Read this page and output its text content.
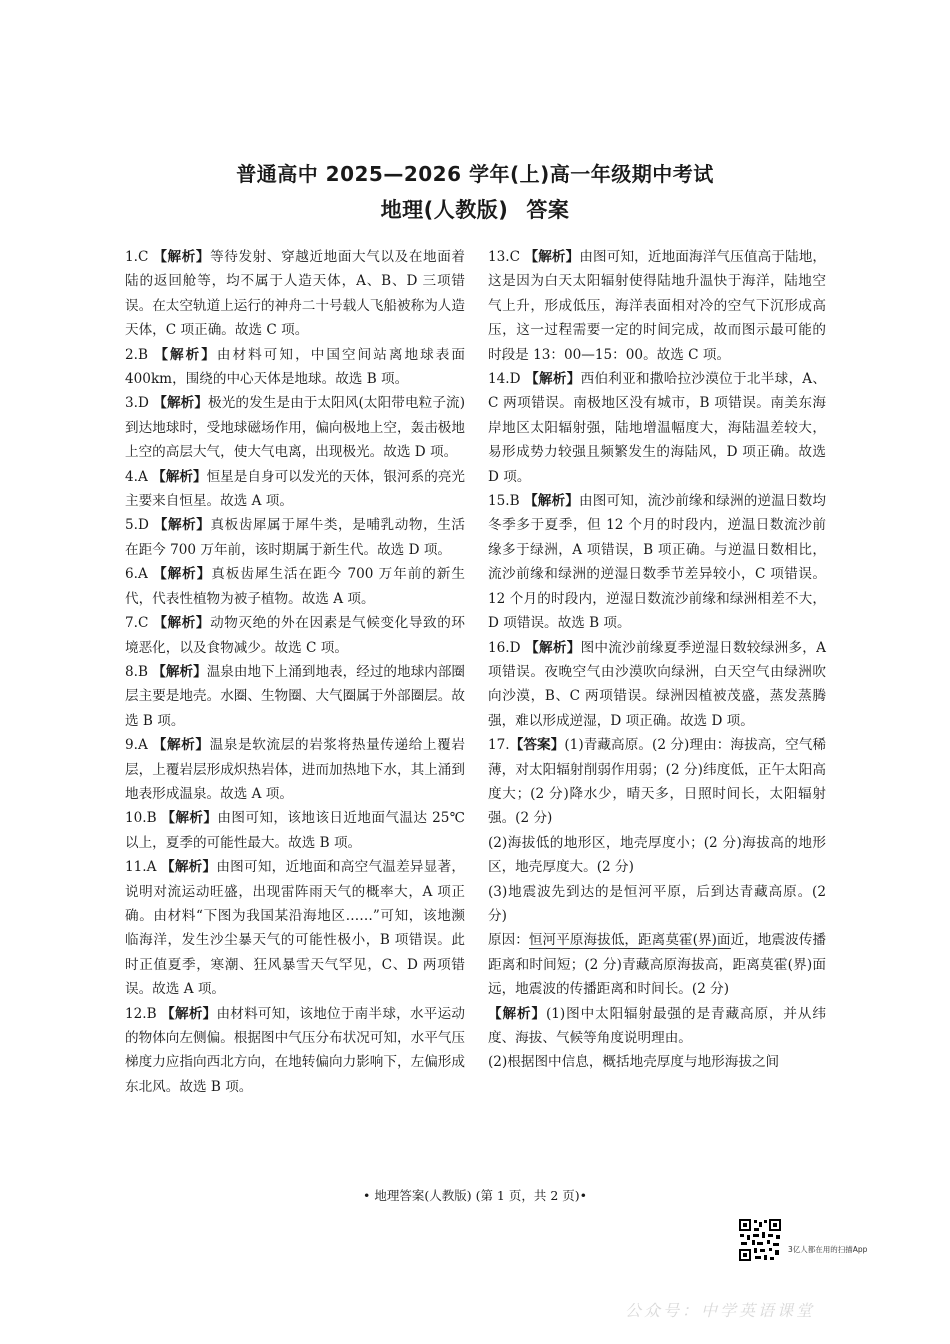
普通高中 2025—2026 学年(上)高一年级期中考试
地理(人教版) 答案

1.C 【解析】等待发射、穿越近地面大气以及在地面着陆的返回舱等，均不属于人造天体，A、B、D 三项错误。在太空轨道上运行的神舟二十号载人飞船被称为人造天体，C 项正确。故选 C 项。

2.B 【解析】由材料可知，中国空间站离地球表面 400km，围绕的中心天体是地球。故选 B 项。

3.D 【解析】极光的发生是由于太阳风(太阳带电粒子流)到达地球时，受地球磁场作用，偏向极地上空，轰击极地上空的高层大气，使大气电离，出现极光。故选 D 项。

4.A 【解析】恒星是自身可以发光的天体，银河系的亮光主要来自恒星。故选 A 项。

5.D 【解析】真板齿犀属于犀牛类，是哺乳动物，生活在距今 700 万年前，该时期属于新生代。故选 D 项。

6.A 【解析】真板齿犀生活在距今 700 万年前的新生代，代表性植物为被子植物。故选 A 项。

7.C 【解析】动物灭绝的外在因素是气候变化导致的环境恶化，以及食物减少。故选 C 项。

8.B 【解析】温泉由地下上涌到地表，经过的地球内部圈层主要是地壳。水圈、生物圈、大气圈属于外部圈层。故选 B 项。

9.A 【解析】温泉是软流层的岩浆将热量传递给上覆岩层，上覆岩层形成炽热岩体，进而加热地下水，其上涌到地表形成温泉。故选 A 项。

10.B 【解析】由图可知，该地该日近地面气温达 25℃以上，夏季的可能性最大。故选 B 项。

11.A 【解析】由图可知，近地面和高空气温差异显著，说明对流运动旺盛，出现雷阵雨天气的概率大，A 项正确。由材料“下图为我国某沿海地区……”可知，该地濒临海洋，发生沙尘暴天气的可能性极小，B 项错误。此时正值夏季，寒潮、狂风暴雪天气罕见，C、D 两项错误。故选 A 项。

12.B 【解析】由材料可知，该地位于南半球，水平运动的物体向左侧偏。根据图中气压分布状况可知，水平气压梯度力应指向西北方向，在地转偏向力影响下，左偏形成东北风。故选 B 项。

13.C 【解析】由图可知，近地面海洋气压值高于陆地，这是因为白天太阳辐射使得陆地升温快于海洋，陆地空气上升，形成低压，海洋表面相对冷的空气下沉形成高压，这一过程需要一定的时间完成，故而图示最可能的时段是 13：00—15：00。故选 C 项。

14.D 【解析】西伯利亚和撒哈拉沙漠位于北半球，A、C 两项错误。南极地区没有城市，B 项错误。南美东海岸地区太阳辐射强，陆地增温幅度大，海陆温差较大，易形成势力较强且频繁发生的海陆风，D 项正确。故选 D 项。

15.B 【解析】由图可知，流沙前缘和绿洲的逆温日数均冬季多于夏季，但 12 个月的时段内，逆温日数流沙前缘多于绿洲，A 项错误，B 项正确。与逆温日数相比，流沙前缘和绿洲的逆湿日数季节差异较小，C 项错误。12 个月的时段内，逆湿日数流沙前缘和绿洲相差不大，D 项错误。故选 B 项。

16.D 【解析】图中流沙前缘夏季逆湿日数较绿洲多，A 项错误。夜晚空气由沙漠吹向绿洲，白天空气由绿洲吹向沙漠，B、C 两项错误。绿洲因植被茂盛，蒸发蒸腾强，难以形成逆湿，D 项正确。故选 D 项。

17.【答案】(1)青藏高原。(2 分)理由：海拔高，空气稀薄，对太阳辐射削弱作用弱；(2 分)纬度低，正午太阳高度大；(2 分)降水少，晴天多，日照时间长，太阳辐射强。(2 分)

(2)海拔低的地形区，地壳厚度小；(2 分)海拔高的地形区，地壳厚度大。(2 分)

(3)地震波先到达的是恒河平原，后到达青藏高原。(2 分)

原因：恒河平原海拔低，距离莫霍(界)面近，地震波传播距离和时间短；(2 分)青藏高原海拔高，距离莫霍(界)面远，地震波的传播距离和时间长。(2 分)

【解析】(1)图中太阳辐射最强的是青藏高原，并从纬度、海拔、气候等角度说明理由。

(2)根据图中信息，概括地壳厚度与地形海拔之间

• 地理答案(人教版) (第 1 页，共 2 页)•
3亿人都在用的扫描App
公众号：中学英语课堂
